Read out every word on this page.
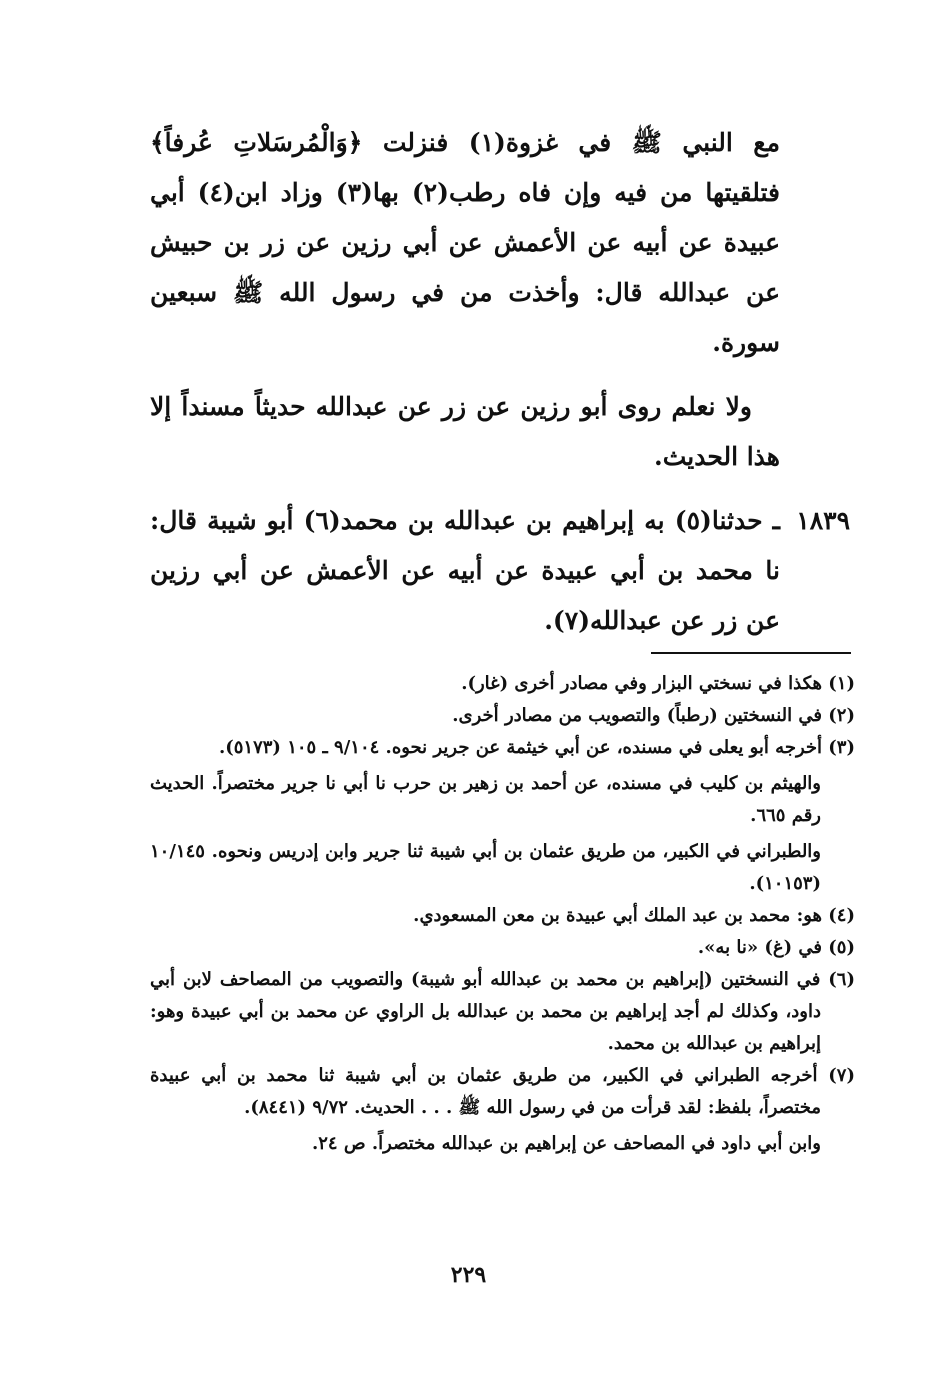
مع النبي ﷺ في غزوة(١) فنزلت ﴿وَالْمُرسَلاتِ عُرفاً﴾ فتلقيتها من فيه وإن فاه رطب(٢) بها(٣) وزاد ابن(٤) أبي عبيدة عن أبيه عن الأعمش عن أبي رزين عن زر بن حبيش عن عبدالله قال: وأخذت من في رسول الله ﷺ سبعين سورة.

ولا نعلم روى أبو رزين عن زر عن عبدالله حديثاً مسنداً إلا هذا الحديث.

١٨٣٩ـ حدثنا(٥) به إبراهيم بن عبدالله بن محمد(٦) أبو شيبة قال: نا محمد بن أبي عبيدة عن أبيه عن الأعمش عن أبي رزين عن زر عن عبدالله(٧).

(١) هكذا في نسختي البزار وفي مصادر أخرى (غار).

(٢) في النسختين (رطباً) والتصويب من مصادر أخرى.

(٣) أخرجه أبو يعلى في مسنده، عن أبي خيثمة عن جرير نحوه. ٩/١٠٤ ـ ١٠٥ (٥١٧٣).

والهيثم بن كليب في مسنده، عن أحمد بن زهير بن حرب نا أبي نا جرير مختصراً. الحديث رقم ٦٦٥.

والطبراني في الكبير، من طريق عثمان بن أبي شيبة ثنا جرير وابن إدريس ونحوه. ١٠/١٤٥ (١٠١٥٣).

(٤) هو: محمد بن عبد الملك أبي عبيدة بن معن المسعودي.

(٥) في (غ) «نا به».

(٦) في النسختين (إبراهيم بن محمد بن عبدالله أبو شيبة) والتصويب من المصاحف لابن أبي داود، وكذلك لم أجد إبراهيم بن محمد بن عبدالله بل الراوي عن محمد بن أبي عبيدة وهو: إبراهيم بن عبدالله بن محمد.

(٧) أخرجه الطبراني في الكبير، من طريق عثمان بن أبي شيبة ثنا محمد بن أبي عبيدة مختصراً، بلفظ: لقد قرأت من في رسول الله ﷺ . . . الحديث. ٩/٧٢ (٨٤٤١).

وابن أبي داود في المصاحف عن إبراهيم بن عبدالله مختصراً. ص ٢٤.

٢٢٩
